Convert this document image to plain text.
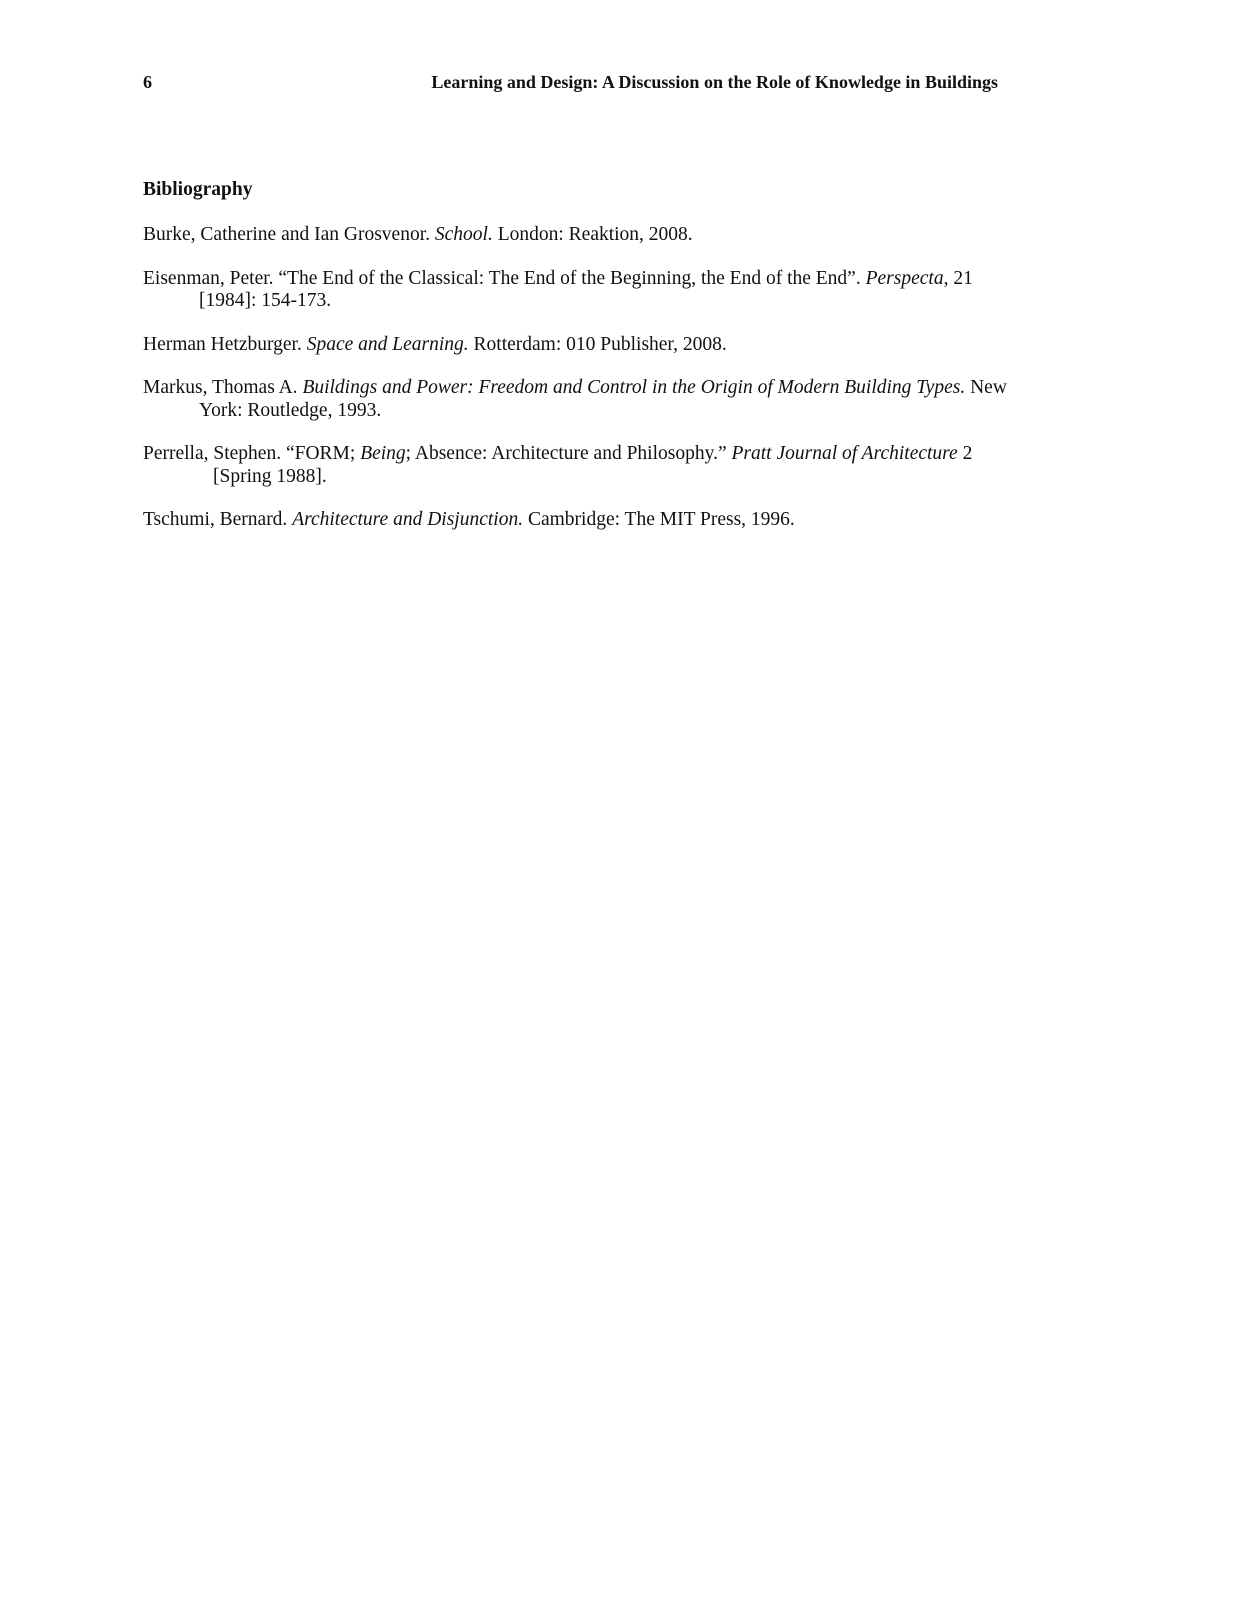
6	Learning and Design: A Discussion on the Role of Knowledge in Buildings
Bibliography
Burke, Catherine and Ian Grosvenor. School. London: Reaktion, 2008.
Eisenman, Peter. “The End of the Classical: The End of the Beginning, the End of the End”. Perspecta, 21 [1984]: 154-173.
Herman Hetzburger. Space and Learning. Rotterdam: 010 Publisher, 2008.
Markus, Thomas A. Buildings and Power: Freedom and Control in the Origin of Modern Building Types. New York: Routledge, 1993.
Perrella, Stephen. “FORM; Being; Absence: Architecture and Philosophy.” Pratt Journal of Architecture 2 [Spring 1988].
Tschumi, Bernard. Architecture and Disjunction. Cambridge: The MIT Press, 1996.
